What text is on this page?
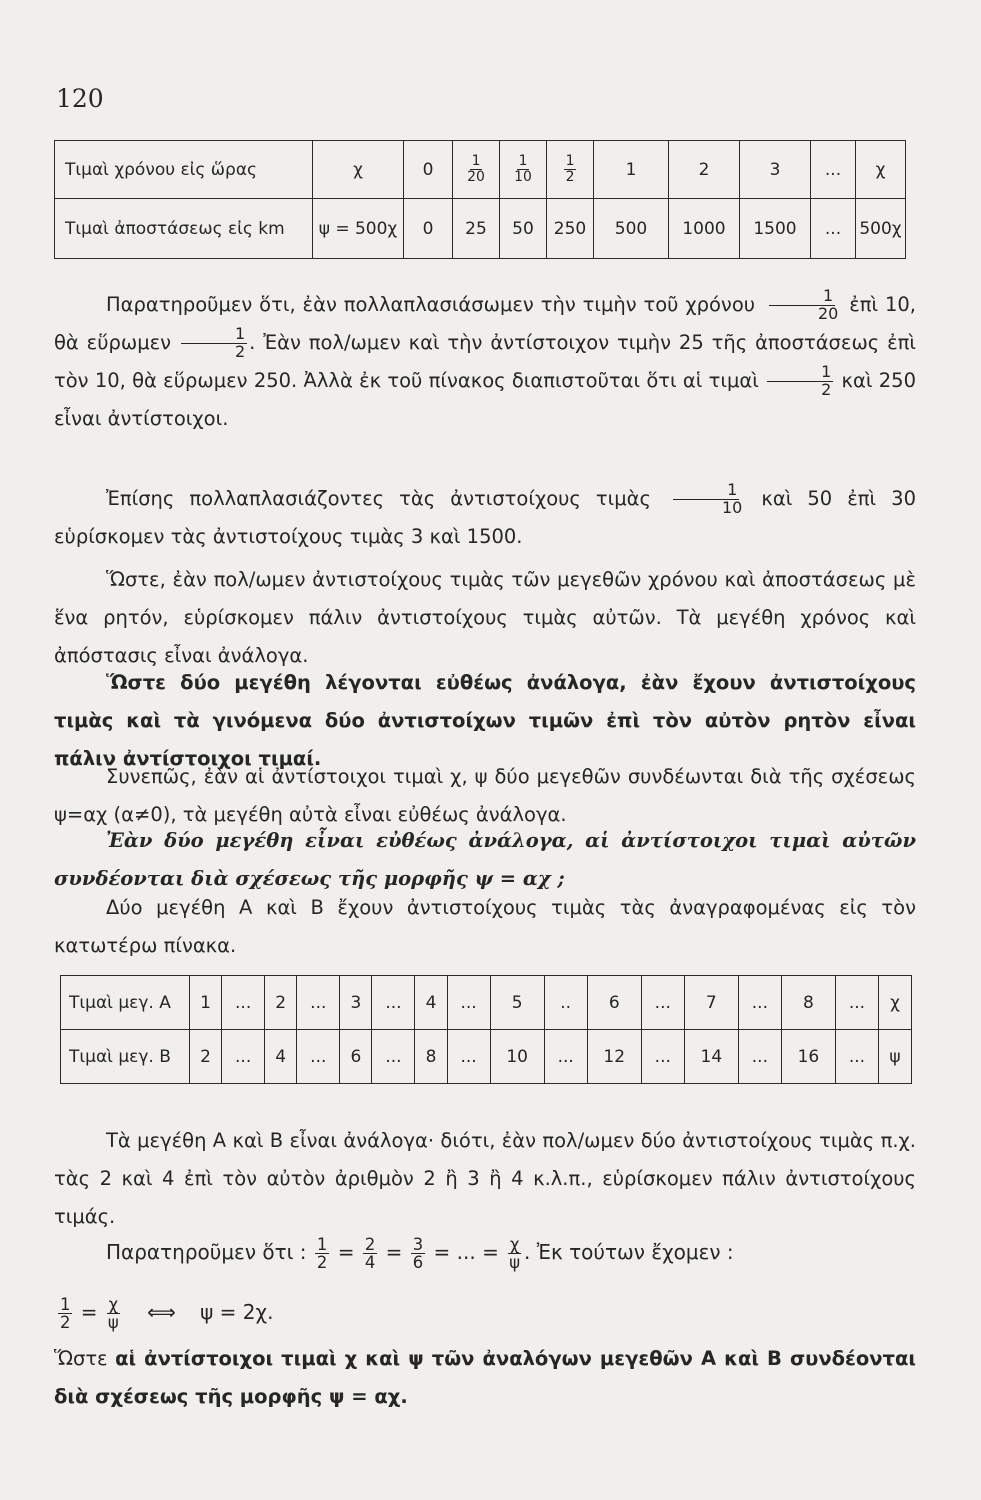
120
Τιμαὶ χρόνου εἰς ὥρας	χ	0	$\frac{1}{20}$	$\frac{1}{10}$	$\frac{1}{2}$	1	2	3	...	χ
Τιμαὶ ἀποστάσεως εἰς km	ψ = 500χ	0	25	50	250	500	1000	1500	...	500χ

Παρατηροῦμεν ὅτι, ἐὰν πολλαπλασιάσωμεν τὴν τιμὴν τοῦ χρόνου $\frac{1}{20}$ ἐπὶ 10, θὰ εὕρωμεν $\frac{1}{2}$ . Ἐὰν πολ/ωμεν καὶ τὴν ἀντίστοιχον τιμὴν 25 τῆς ἀποστάσεως ἐπὶ τὸν 10, θὰ εὕρωμεν 250. Ἀλλὰ ἐκ τοῦ πίνακος διαπιστοῦται ὅτι αἱ τιμαὶ $\frac{1}{2}$ καὶ 250 εἶναι ἀντίστοιχοι.

Ἐπίσης πολλαπλασιάζοντες τὰς ἀντιστοίχους τιμὰς $\frac{1}{10}$ καὶ 50 ἐπὶ 30 εὑρίσκομεν τὰς ἀντιστοίχους τιμὰς 3 καὶ 1500.

Ὥστε, ἐὰν πολ/ωμεν ἀντιστοίχους τιμὰς τῶν μεγεθῶν χρόνου καὶ ἀποστάσεως μὲ ἕνα ρητόν, εὑρίσκομεν πάλιν ἀντιστοίχους τιμὰς αὐτῶν. Τὰ μεγέθη χρόνος καὶ ἀπόστασις εἶναι ἀνάλογα.

Ὥστε δύο μεγέθη λέγονται εὐθέως ἀνάλογα, ἐὰν ἔχουν ἀντιστοίχους τιμὰς καὶ τὰ γινόμενα δύο ἀντιστοίχων τιμῶν ἐπὶ τὸν αὐτὸν ρητὸν εἶναι πάλιν ἀντίστοιχοι τιμαί.

Συνεπῶς, ἐὰν αἱ ἀντίστοιχοι τιμαὶ χ, ψ δύο μεγεθῶν συνδέωνται διὰ τῆς σχέσεως ψ=αχ (α≠0), τὰ μεγέθη αὐτὰ εἶναι εὐθέως ἀνάλογα.

Ἐὰν δύο μεγέθη εἶναι εὐθέως ἀνάλογα, αἱ ἀντίστοιχοι τιμαὶ αὐτῶν συνδέονται διὰ σχέσεως τῆς μορφῆς ψ = αχ ;

Δύο μεγέθη Α καὶ Β ἔχουν ἀντιστοίχους τιμὰς τὰς ἀναγραφομένας εἰς τὸν κατωτέρω πίνακα.

Τιμαὶ μεγ. Α	1	...	2	...	3	...	4	...	5	..	6	...	7	...	8	...	χ
Τιμαὶ μεγ. Β	2	...	4	...	6	...	8	...	10	...	12	...	14	...	16	...	ψ

Τὰ μεγέθη Α καὶ Β εἶναι ἀνάλογα· διότι, ἐὰν πολ/ωμεν δύο ἀντιστοίχους τιμὰς π.χ. τὰς 2 καὶ 4 ἐπὶ τὸν αὐτὸν ἀριθμὸν 2 ἢ 3 ἢ 4 κ.λ.π., εὑρίσκομεν πάλιν ἀντιστοίχους τιμάς.

Παρατηροῦμεν ὅτι : $\frac{1}{2} = \frac{2}{4} = \frac{3}{6}$ = ... = $\frac{\chi}{\psi}$ . Ἐκ τούτων ἔχομεν :
$\frac{1}{2} = \frac{\chi}{\psi}$ ⟺ ψ = 2χ.

Ὥστε αἱ ἀντίστοιχοι τιμαὶ χ καὶ ψ τῶν ἀναλόγων μεγεθῶν Α καὶ Β συνδέονται διὰ σχέσεως τῆς μορφῆς ψ = αχ.
